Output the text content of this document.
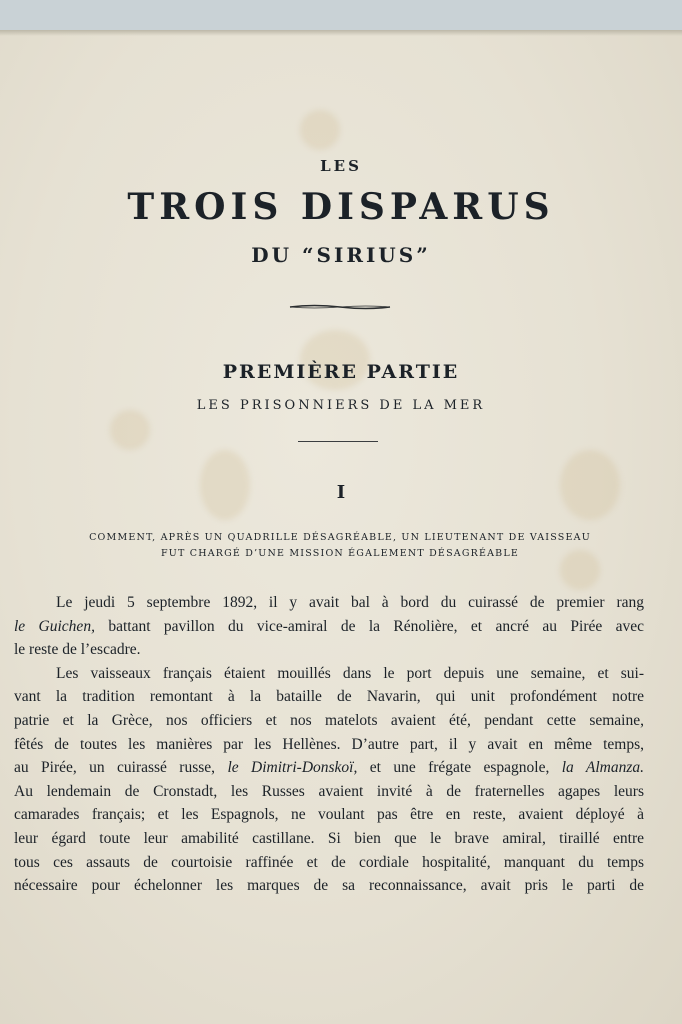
LES
TROIS DISPARUS
DU “SIRIUS”
PREMIÈRE PARTIE
LES PRISONNIERS DE LA MER
I
COMMENT, APRÈS UN QUADRILLE DÉSAGRÉABLE, UN LIEUTENANT DE VAISSEAU
FUT CHARGÉ D’UNE MISSION ÉGALEMENT DÉSAGRÉABLE
Le jeudi 5 septembre 1892, il y avait bal à bord du cuirassé de premier rang
le Guichen, battant pavillon du vice-amiral de la Rénolière, et ancré au Pirée avec
le reste de l’escadre.
Les vaisseaux français étaient mouillés dans le port depuis une semaine, et sui-
vant la tradition remontant à la bataille de Navarin, qui unit profondément notre
patrie et la Grèce, nos officiers et nos matelots avaient été, pendant cette semaine,
fêtés de toutes les manières par les Hellènes. D’autre part, il y avait en même temps,
au Pirée, un cuirassé russe, le Dimitri-Donskoï, et une frégate espagnole, la Almanza.
Au lendemain de Cronstadt, les Russes avaient invité à de fraternelles agapes leurs
camarades français; et les Espagnols, ne voulant pas être en reste, avaient déployé à
leur égard toute leur amabilité castillane. Si bien que le brave amiral, tiraillé entre
tous ces assauts de courtoisie raffinée et de cordiale hospitalité, manquant du temps
nécessaire pour échelonner les marques de sa reconnaissance, avait pris le parti de
